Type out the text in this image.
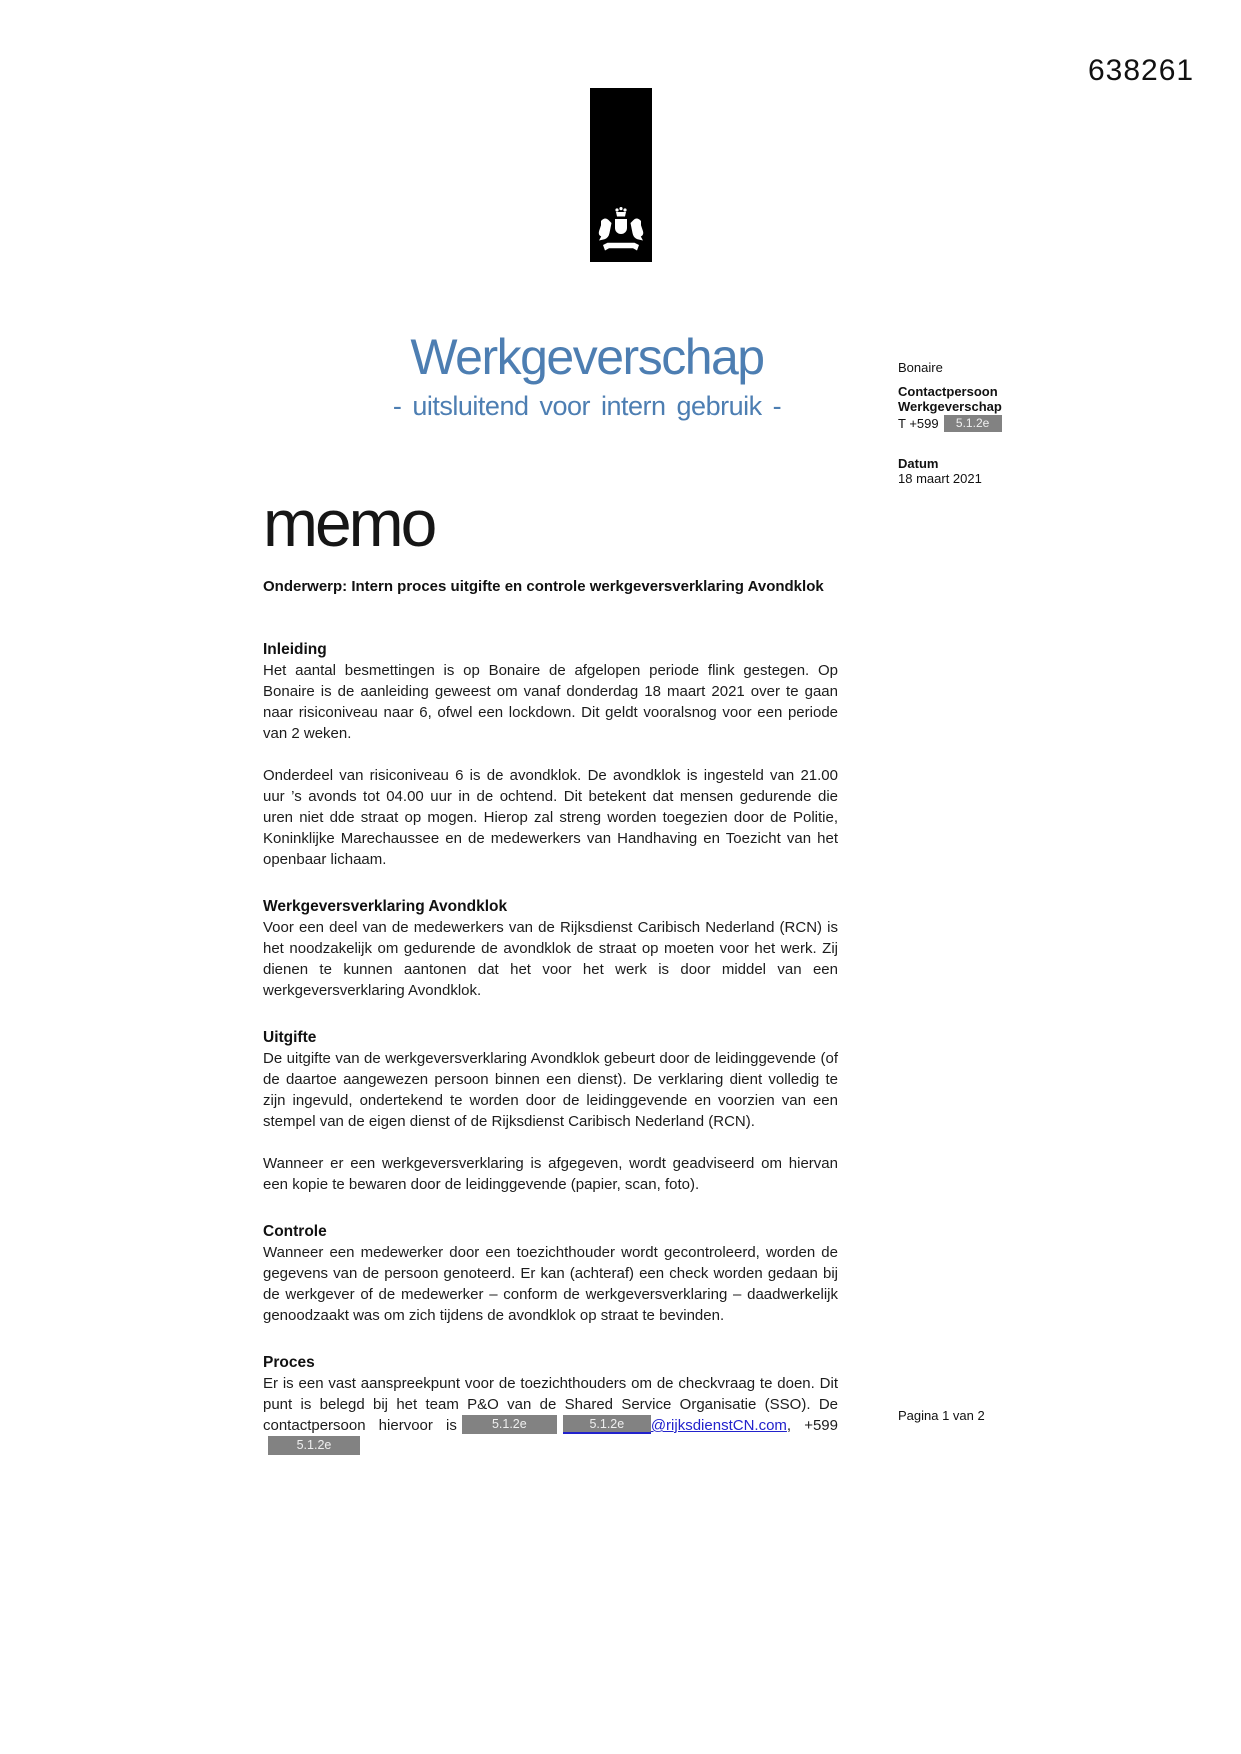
638261
Werkgeverschap
- uitsluitend voor intern gebruik -
Bonaire
Contactpersoon
Werkgeverschap
T +599	5.1.2e
Datum
18 maart 2021
memo
Onderwerp: Intern proces uitgifte en controle werkgeversverklaring Avondklok
Inleiding

Het aantal besmettingen is op Bonaire de afgelopen periode flink gestegen. Op Bonaire is de aanleiding geweest om vanaf donderdag 18 maart 2021 over te gaan naar risiconiveau naar 6, ofwel een lockdown. Dit geldt vooralsnog voor een periode van 2 weken.

Onderdeel van risiconiveau 6 is de avondklok. De avondklok is ingesteld van 21.00 uur ’s avonds tot 04.00 uur in de ochtend. Dit betekent dat mensen gedurende die uren niet dde straat op mogen. Hierop zal streng worden toegezien door de Politie, Koninklijke Marechaussee en de medewerkers van Handhaving en Toezicht van het openbaar lichaam.

Werkgeversverklaring Avondklok

Voor een deel van de medewerkers van de Rijksdienst Caribisch Nederland (RCN) is het noodzakelijk om gedurende de avondklok de straat op moeten voor het werk. Zij dienen te kunnen aantonen dat het voor het werk is door middel van een werkgeversverklaring Avondklok.

Uitgifte

De uitgifte van de werkgeversverklaring Avondklok gebeurt door de leidinggevende (of de daartoe aangewezen persoon binnen een dienst). De verklaring dient volledig te zijn ingevuld, ondertekend te worden door de leidinggevende en voorzien van een stempel van de eigen dienst of de Rijksdienst Caribisch Nederland (RCN).

Wanneer er een werkgeversverklaring is afgegeven, wordt geadviseerd om hiervan een kopie te bewaren door de leidinggevende (papier, scan, foto).

Controle

Wanneer een medewerker door een toezichthouder wordt gecontroleerd, worden de gegevens van de persoon genoteerd. Er kan (achteraf) een check worden gedaan bij de werkgever of de medewerker – conform de werkgeversverklaring – daadwerkelijk genoodzaakt was om zich tijdens de avondklok op straat te bevinden.

Proces

Er is een vast aanspreekpunt voor de toezichthouders om de checkvraag te doen. Dit punt is belegd bij het team P&O van de Shared Service Organisatie (SSO). De contactpersoon hiervoor is	5.1.2e	5.1.2e @rijksdienstCN.com, +5995.1.2e

Pagina 1 van 2
